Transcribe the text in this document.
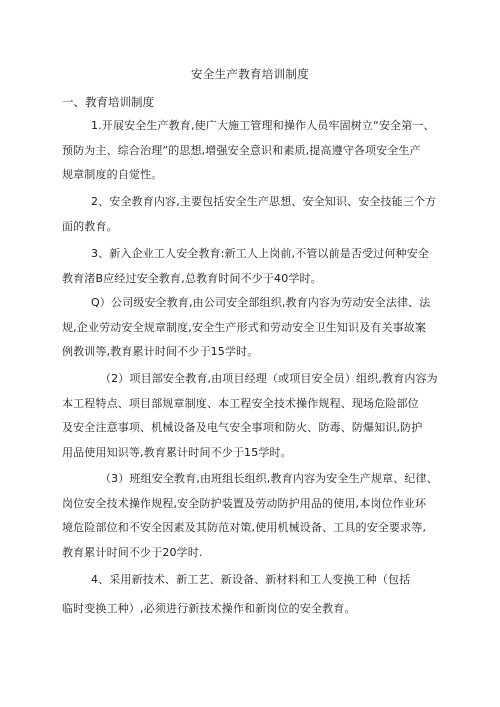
安全生产教育培训制度
一、教育培训制度
1.开展安全生产教育,使广大施工管理和操作人员牢固树立“安全第一、
预防为主、综合治理”的思想,增强安全意识和素质,提高遵守各项安全生产
规章制度的自觉性。
2、安全教育内容,主要包括安全生产思想、安全知识、安全技能三个方
面的教育。
3、新入企业工人安全教育:新工人上岗前,不管以前是否受过何种安全
教育渚B应经过安全教育,总教育时间不少于40学时。
Q）公司级安全教育,由公司安全部组织,教育内容为劳动安全法律、法
规,企业劳动安全规章制度,安全生产形式和劳动安全卫生知识及有关事故案
例教训等,教育累计时间不少于15学时。
（2）项目部安全教育,由项目经理（或项目安全员）组织,教育内容为
本工程特点、项目部规章制度、本工程安全技术操作规程、现场危险部位
及安全注意事项、机械设备及电气安全事项和防火、防毒、防爆知识,防护
用品使用知识等,教育累计时间不少于15学时。
（3）班组安全教育,由班组长组织,教育内容为安全生产规章、纪律、
岗位安全技术操作规程,安全防护装置及劳动防护用品的使用,本岗位作业环
境危险部位和不安全因素及其防范对策,使用机械设备、工具的安全要求等,
教育累计时间不少于20学时.
4、采用新技术、新工艺、新设备、新材料和工人变换工种（包括
临时变换工种）,必须进行新技术操作和新岗位的安全教育。
